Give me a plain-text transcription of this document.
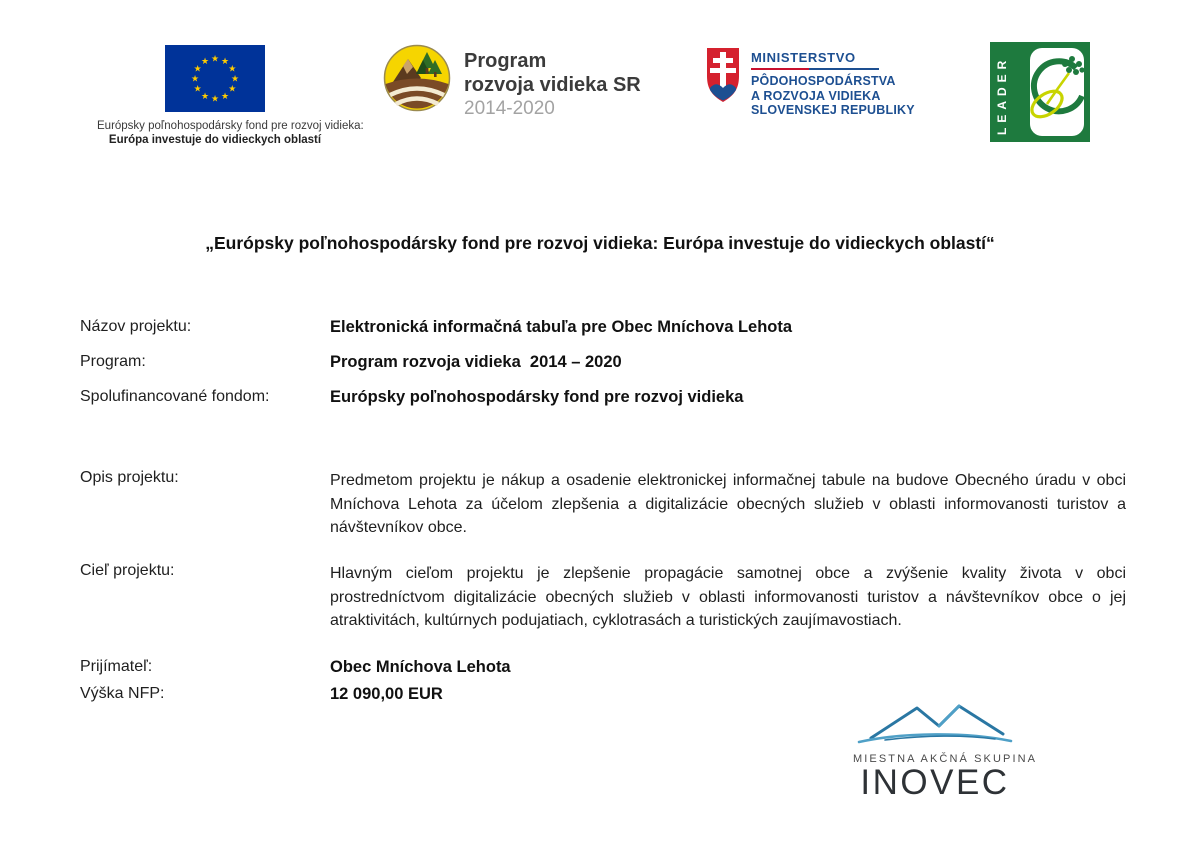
★ ★
★
★
★
★
★
★
★
★
★
★
Európsky poľnohospodársky fond pre rozvoj vidieka:
Európa investuje do vidieckych oblastí
Program
rozvoja vidieka SR
2014-2020
MINISTERSTVO
PÔDOHOSPODÁRSTVA
A ROZVOJA VIDIEKA
SLOVENSKEJ REPUBLIKY	LEADER
„Európsky poľnohospodársky fond pre rozvoj vidieka: Európa investuje do vidieckych oblastí“
Názov projektu:	Elektronická informačná tabuľa pre Obec Mníchova Lehota
Program:	Program rozvoja vidieka  2014 – 2020
Spolufinancované fondom:	Európsky poľnohospodársky fond pre rozvoj vidieka
Opis projektu:	Predmetom projektu je nákup a osadenie elektronickej informačnej tabule na budove Obecného úradu v obci Mníchova Lehota za účelom zlepšenia a digitalizácie obecných služieb v oblasti informovanosti turistov a návštevníkov obce.
Cieľ projektu:	Hlavným cieľom projektu je zlepšenie propagácie samotnej obce a zvýšenie kvality života v obci prostredníctvom digitalizácie obecných služieb v oblasti informovanosti turistov a návštevníkov obce o jej atraktivitách, kultúrnych podujatiach, cyklotrasách a turistických zaujímavostiach.
Prijímateľ:	Obec Mníchova Lehota
Výška NFP:	12 090,00 EUR
MIESTNA AKČNÁ SKUPINA
INOVEC
